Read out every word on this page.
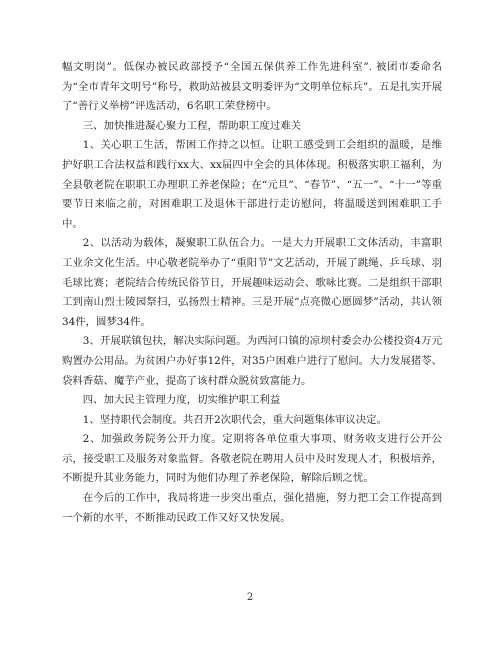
幅文明岗”。低保办被民政部授予“全国五保供养工作先进科室”. 被团市委命名为“全市青年文明号”称号，救助站被县文明委评为“文明单位标兵”。五是扎实开展了“善行义举榜”评选活动，6名职工荣登榜中。

三、加快推进凝心聚力工程，帮助职工度过难关

1、关心职工生活，帮困工作持之以恒。让职工感受到工会组织的温暖，是维护好职工合法权益和践行xx大、xx届四中全会的具体体现。积极落实职工福利，为全县敬老院在职职工办理职工养老保险；在“元旦”、“春节”、“五一”、“十一”等重要节日来临之前，对困难职工及退休干部进行走访慰问，将温暖送到困难职工手中。

2、以活动为载体，凝聚职工队伍合力。一是大力开展职工文体活动，丰富职工业余文化生活。中心敬老院举办了“重阳节”文艺活动，开展了跳绳、乒乓球、羽毛球比赛；老院结合传统民俗节日，开展趣味运动会、歌咏比赛。二是组织干部职工到南山烈士陵园祭扫，弘扬烈士精神。三是开展“点亮微心愿圆梦”活动，共认领34件，圆梦34件。

3、开展联镇包扶，解决实际问题。为西河口镇的凉坝村委会办公楼投资4万元购置办公用品。为贫困户办好事12件，对35户困难户进行了慰问。大力发展猪苓、袋料香菇、魔芋产业，提高了该村群众脱贫致富能力。

四、加大民主管理力度，切实维护职工利益

1、坚持职代会制度。共召开2次职代会，重大问题集体审议决定。

2、加强政务院务公开力度。定期将各单位重大事项、财务收支进行公开公示，接受职工及服务对象监督。各敬老院在聘用人员中及时发现人才，积极培养，不断提升其业务能力，同时为他们办理了养老保险，解除后顾之忧。

在今后的工作中，我局将进一步突出重点，强化措施，努力把工会工作提高到一个新的水平，不断推动民政工作又好又快发展。

2
